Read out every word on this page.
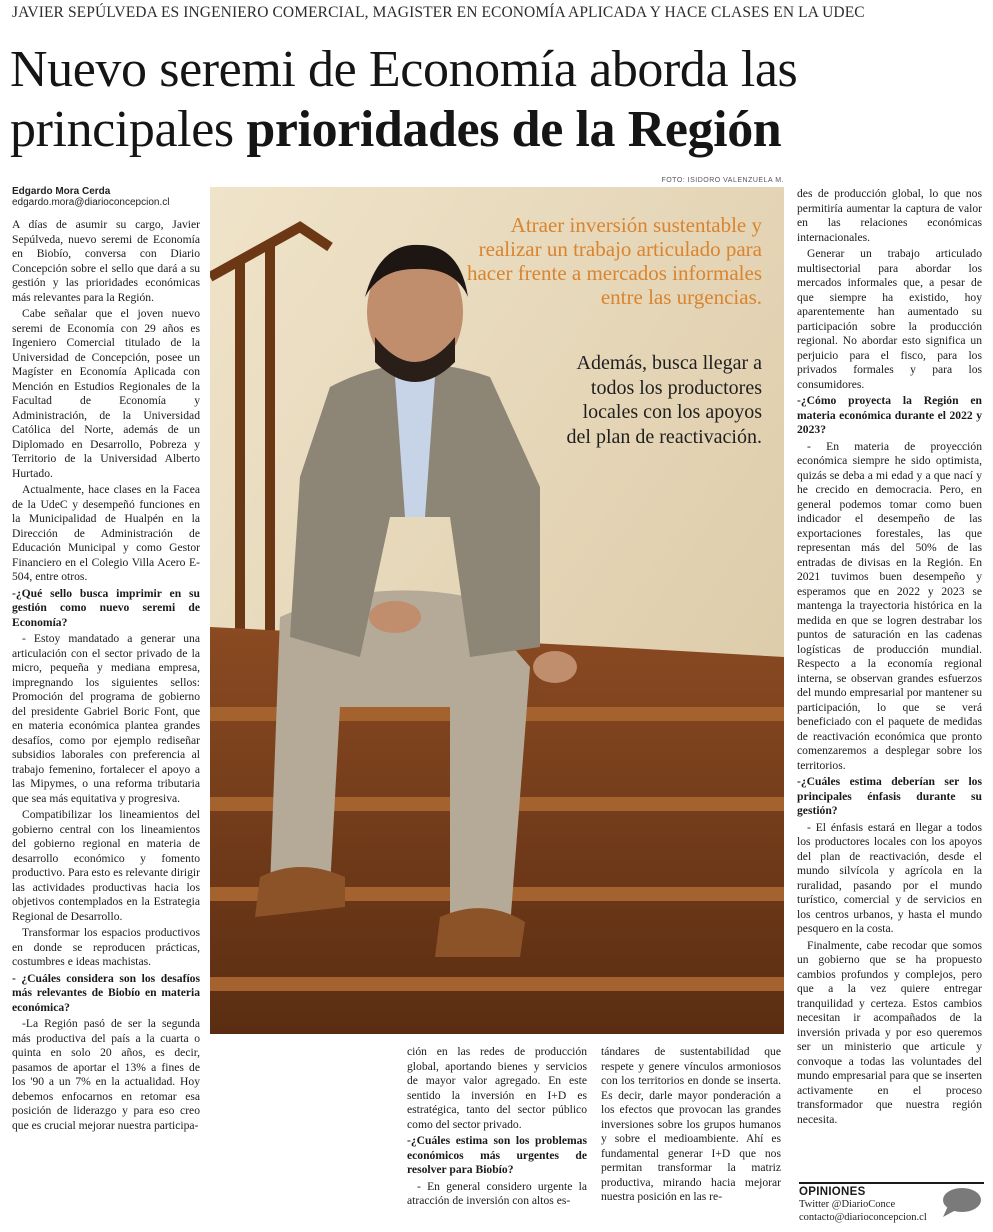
JAVIER SEPÚLVEDA ES INGENIERO COMERCIAL, MAGISTER EN ECONOMÍA APLICADA Y HACE CLASES EN LA UDEC
Nuevo seremi de Economía aborda las
principales prioridades de la Región
Edgardo Mora Cerda
edgardo.mora@diarioconcepcion.cl

A días de asumir su cargo, Javier Sepúlveda, nuevo seremi de Economía en Biobío, conversa con Diario Concepción sobre el sello que dará a su gestión y las prioridades económicas más relevantes para la Región.

Cabe señalar que el joven nuevo seremi de Economía con 29 años es Ingeniero Comercial titulado de la Universidad de Concepción, posee un Magíster en Economía Aplicada con Mención en Estudios Regionales de la Facultad de Economía y Administración, de la Universidad Católica del Norte, además de un Diplomado en Desarrollo, Pobreza y Territorio de la Universidad Alberto Hurtado.

Actualmente, hace clases en la Facea de la UdeC y desempeñó funciones en la Municipalidad de Hualpén en la Dirección de Administración de Educación Municipal y como Gestor Financiero en el Colegio Villa Acero E-504, entre otros.

-¿Qué sello busca imprimir en su gestión como nuevo seremi de Economía?

- Estoy mandatado a generar una articulación con el sector privado de la micro, pequeña y mediana empresa, impregnando los siguientes sellos: Promoción del programa de gobierno del presidente Gabriel Boric Font, que en materia económica plantea grandes desafíos, como por ejemplo rediseñar subsidios laborales con preferencia al trabajo femenino, fortalecer el apoyo a las Mipymes, o una reforma tributaria que sea más equitativa y progresiva.

Compatibilizar los lineamientos del gobierno central con los lineamientos del gobierno regional en materia de desarrollo económico y fomento productivo. Para esto es relevante dirigir las actividades productivas hacia los objetivos contemplados en la Estrategia Regional de Desarrollo.

Transformar los espacios productivos en donde se reproducen prácticas, costumbres e ideas machistas.

- ¿Cuáles considera son los desafíos más relevantes de Biobío en materia económica?

-La Región pasó de ser la segunda más productiva del país a la cuarta o quinta en solo 20 años, es decir, pasamos de aportar el 13% a fines de los '90 a un 7% en la actualidad. Hoy debemos enfocarnos en retomar esa posición de liderazgo y para eso creo que es crucial mejorar nuestra participa-

ción en las redes de producción global, aportando bienes y servicios de mayor valor agregado. En este sentido la inversión en I+D es estratégica, tanto del sector público como del sector privado.

-¿Cuáles estima son los problemas económicos más urgentes de resolver para Biobío?

- En general considero urgente la atracción de inversión con altos es-

tándares de sustentabilidad que respete y genere vínculos armoniosos con los territorios en donde se inserta. Es decir, darle mayor ponderación a los efectos que provocan las grandes inversiones sobre los grupos humanos y sobre el medioambiente. Ahí es fundamental generar I+D que nos permitan transformar la matriz productiva, mirando hacia mejorar nuestra posición en las re-

des de producción global, lo que nos permitiría aumentar la captura de valor en las relaciones económicas internacionales.

Generar un trabajo articulado multisectorial para abordar los mercados informales que, a pesar de que siempre ha existido, hoy aparentemente han aumentado su participación sobre la producción regional. No abordar esto significa un perjuicio para el fisco, para los privados formales y para los consumidores.

-¿Cómo proyecta la Región en materia económica durante el 2022 y 2023?

- En materia de proyección económica siempre he sido optimista, quizás se deba a mi edad y a que nací y he crecido en democracia. Pero, en general podemos tomar como buen indicador el desempeño de las exportaciones forestales, las que representan más del 50% de las entradas de divisas en la Región. En 2021 tuvimos buen desempeño y esperamos que en 2022 y 2023 se mantenga la trayectoria histórica en la medida en que se logren destrabar los puntos de saturación en las cadenas logísticas de producción mundial. Respecto a la economía regional interna, se observan grandes esfuerzos del mundo empresarial por mantener su participación, lo que se verá beneficiado con el paquete de medidas de reactivación económica que pronto comenzaremos a desplegar sobre los territorios.

-¿Cuáles estima deberían ser los principales énfasis durante su gestión?

- El énfasis estará en llegar a todos los productores locales con los apoyos del plan de reactivación, desde el mundo silvícola y agrícola en la ruralidad, pasando por el mundo turístico, comercial y de servicios en los centros urbanos, y hasta el mundo pesquero en la costa.

Finalmente, cabe recodar que somos un gobierno que se ha propuesto cambios profundos y complejos, pero que a la vez quiere entregar tranquilidad y certeza. Estos cambios necesitan ir acompañados de la inversión privada y por eso queremos ser un ministerio que articule y convoque a todas las voluntades del mundo empresarial para que se inserten activamente en el proceso transformador que nuestra región necesita.

FOTO: ISIDORO VALENZUELA M.
Atraer inversión sustentable y realizar un trabajo articulado para hacer frente a mercados informales entre las urgencias.
Además, busca llegar a todos los productores locales con los apoyos del plan de reactivación.
OPINIONES
Twitter @DiarioConce
contacto@diarioconcepcion.cl
